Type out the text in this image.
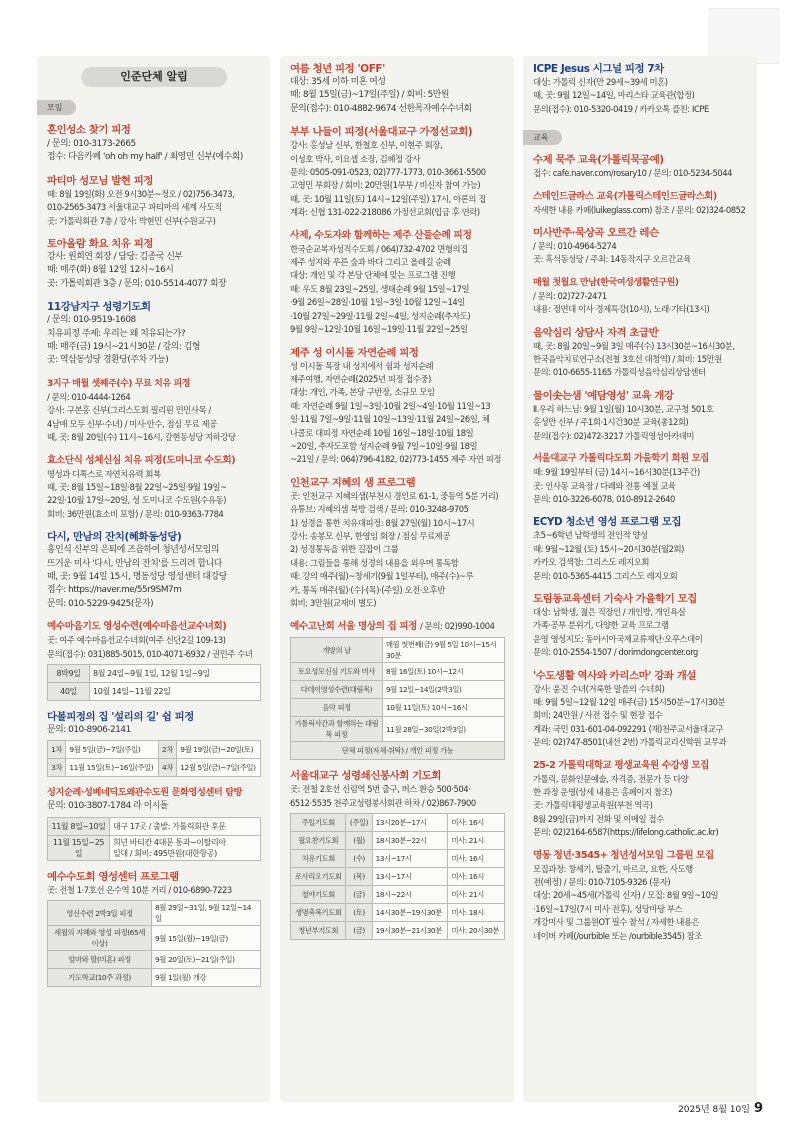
인준단체 알림
모임
혼인성소 찾기 피정
/ 문의: 010-3173-2665
접수: 다음카페 'oh oh my half' / 최영민 신부(예수회)
파티마 성모님 발현 피정
때: 8월 19일(화) 오전 9시30분~정오 / 02)756-3473,
010-2565-3473 서울대교구 파티마의 세계 사도직
곳: 가톨릭회관 7층 / 강사: 박현민 신부(수원교구)
토아올람 화요 치유 피정
강사: 원희연 회장 / 담당: 김종국 신부
때: 매주(화) 8월 12일 12시~16시
곳: 가톨릭회관 3층 / 문의: 010-5514-4077 회장
11강남지구 성령기도회
/ 문의: 010-9519-1608
치유피정 주제: 우리는 왜 치유되는가?
때: 매주(금) 19시~21시30분 / 강의: 김형
곳: 역삼동성당 경환당(주차 가능)
3지구 매월 셋째주(수) 무료 치유 피정
/ 문의: 010-4444-1264
강사: 구본홍 신부(그리스도회 필리핀 민민사목 /
4남매 모두 신부·수녀) / 미사·안수, 점심 무료 제공
때, 곳: 8월 20일(수) 11시~16시, 갈현동성당 지하강당
효소단식 성체신심 치유 피정(도미니코 수도회)
영성과 디톡스로 자연치유력 회복
때, 곳: 8월 15일~18일·8월 22일~25일·9월 19일~
22일·10월 17일~20일, 성 도미니코 수도원(수유동)
회비: 36만원(효소비 포함) / 문의: 010-9363-7784
다시, 만남의 잔치(혜화동성당)
홍인식 신부의 은퇴에 즈음하여 청년성서모임의
뜨거운 미사 '다시, 만남의 잔치'를 드리려 합니다
때, 곳: 9월 14일 15시, 명동성당 영성센터 대강당
접수: https://naver.me/55r9SM7m
문의: 010-5229-9425(문자)
예수마음기도 영성수련(예수마음선교수녀회)
곳: 여주 예수마음선교수녀회(여주 신단2길 109-13)
문의(접수): 031)885-5015, 010-4071-6932 / 권민주 수녀
8박9일	8월 24일~9월 1일, 12월 1일~9일
40일	10월 14일~11월 22일
다볼피정의 집 '설리의 길' 쉼 피정
문의: 010-8906-2141
1차	9월 5일(금)~7일(주일)	2차	9월 19일(금)~20일(토)
3차	11월 15일(토)~16일(주일)	4차	12월 5일(금)~7일(주일)
성지순례·성베네딕도왜관수도원 문화영성센터 탐방
문의: 010-3807-1784 라 이시돌
11월 8일~10일	대구 17곳 / 출발: 가톨릭회관 후문
11월 15일~25일	희년 바티칸 4대문 통과~이탈리아
일대 / 회비: 495만원(대한항공)
예수수도회 영성센터 프로그램
곳: 전철 1·7호선 온수역 10분 거리 / 010-6890-7223
영신수련 2박3일 피정	8월 29일~31일, 9월 12일~14일
세월의 지혜와 영성 피정(65세 이상)	9월 15일(월)~19일(금)
엄마와 딸(미혼) 피정	9월 20일(토)~21일(주일)
기도학교(10주 과정)	9월 1일(월) 개강
여름 청년 피정 'OFF'
대상: 35세 이하 미혼 여성
때: 8월 15일(금)~17일(주일) / 회비: 5만원
문의(접수): 010-4882-9674 선한목자예수수녀회
부부 나들이 피정(서울대교구 가정선교회)
강사: 홍성남 신부, 한철호 신부, 이현주 회장,
이성호 박사, 이요셉 소장, 김혜정 강사
문의: 0505-091-0523, 02)777-1773, 010-3661-5500
고영민 부회장 / 회비: 20만원(1부부 / 비신자 참여 가능)
때, 곳: 10월 11일(토) 14시~12일(주일) 17시, 아론의 집
계좌: 신협 131-022-218086 가정선교회(입금 후 연락)
사제, 수도자와 함께하는 제주 산들순례 피정
한국순교복자성직수도회 / 064)732-4702 면형의집
제주 성지와 푸른 숲과 바다 그리고 올레길 순례
대상: 개인 및 각 본당 단체에 맞는 프로그램 진행
때: 우도 8월 23일~25일, 생태순례 9월 15일~17일
·9월 26일~28일·10월 1일~3일·10월 12일~14일
·10월 27일~29일·11월 2일~4일, 성지순례(추자도)
9월 9일~12일·10월 16일~19일·11월 22일~25일
제주 성 이시돌 자연순례 피정
성 이시돌 목장 내 성지에서 쉼과 성지순례
제주여행, 자연순례(2025년 피정 접수중)
대상: 개인, 가족, 본당 구반장, 소규모 모임
때: 자연순례 9월 1일~3일·10월 2일~4일·10월 11일~13
일·11월 7일~9일·11월 10일~13일·11월 24일~26일, 체
나콜로 대피정 자연순례 10월 16일~18일·10월 18일
~20일, 추자도포함 성지순례 9월 7일~10일·9월 18일
~21일 / 문의: 064)796-4182, 02)773-1455 제주 자연 피정
인천교구 지혜의 샘 프로그램
곳: 인천교구 지혜의샘(부천시 경인로 61-1, 중동역 5분 거리)
유튜브: 지혜의샘 북방 검색 / 문의: 010-3248-9705
1) 성경을 통한 치유대피정: 8월 27일(월) 10시~17시
강사: 송봉모 신부, 한영임 회장 / 점심 무료제공
2) 성경통독을 위한 길잡이 그룹
내용: 그림들을 통해 성경의 내용을 외우며 통독함
때: 강의 매주(월)~창세기(9월 1일부터), 매주(수)~루
카, 통독 매주(월)·(수)·(목)·(주일) 오전·오후반
회비: 3만원(교재비 별도)
예수고난회 서울 명상의 집 피정 / 문의: 02)990-1004
개방의 날	매월 첫번째(금) 9월 5일 10시~15시30분
토요성모신심 기도와 미사	8월 16일(토) 10시~12시
다데이영성수련(대림목)	9월 12일~14일(2박3일)
음악 피정	10월 11일(토) 10시~16시
가톨릭사간과 함께하는 대림목 피정	11월 28일~30일(2박3일)
단체 피정(자체·위탁) / 개인 피정 가능	
서울대교구 성령쇄신봉사회 기도회
곳: 전철 2호선 신림역 5번 출구, 버스 환승 500·504·
6512·5535 천주교성령봉사회관 하차 / 02)867-7900
주일기도회	(주일)	13시20분~17시	미사: 16시
월요찬기도회	(월)	18시30분~22시	미사: 21시
치유기도회	(수)	13시~17시	미사: 16시
로사리오기도회	(목)	13시~17시	미사: 16시
철야기도회	(금)	18시~22시	미사: 21시
생명축복기도회	(토)	14시30분~19시30분	미사: 18시
청년부기도회	(금)	19시30분~21시30분	미사: 20시30분
ICPE Jesus 시그널 피정 7차
대상: 가톨릭 신자(만 29세~39세 미혼)
때, 곳: 9월 12일~14일, 마리스타 교육관(합정)
문의(접수): 010-5320-0419 / 카카오톡 플친: ICPE
교육
수제 묵주 교육(가톨릭묵공예)
접수: cafe.naver.com/rosary10 / 문의: 010-5234-5044
스테인드글라스 교육(가톨릭스테인드글라스회)
자세한 내용 카페(luikeglass.com) 참조 / 문의: 02)324-0852
미사반주·묵상곡 오르간 레슨
/ 문의: 010-4964-5274
곳: 흑석동성당 / 주최: 14동작지구 오르간교육
매월 첫월요 만남(한국여성생활연구원)
/ 문의: 02)727-2471
내용: 정연대 이사 경제특강(10시), 노래·기타(13시)
음악심리 상담사 자격 초급반
때, 곳: 8월 20일~9월 3일 매주(수) 13시30분~16시30분,
한국음악치료연구소(전철 3호선 대청역) / 회비: 15만원
문의: 010-6655-1165 가톨릭성음악심리상담센터
물이솟는샘 '예담영성' 교육 개강
Ⅱ.우리 하느님: 9월 1일(월) 10시30분, 교구청 501호
홍성만 신부 / 주1회·1시간30분 교육(총12회)
문의(접수): 02)472-3217 가톨릭영성아카데미
서울대교구 가톨릭다도회 가을학기 회원 모집
때: 9월 19일부터 (금) 14시~16시30분(13주간)
곳: 인사동 교육장 / 다례와 전통 예절 교육
문의: 010-3226-6078, 010-8912-2640
ECYD 청소년 영성 프로그램 모집
초5~6학년 남학생의 전인적 양성
때: 9월~12월 (토) 15시~20시30분(월2회)
카카오 검색창: 그리스도 레지오회
문의: 010-5365-4415 그리스도 레지오회
도림동교육센터 기숙사 가을학기 모집
대상: 남학생, 젊은 직장인 / 개인방, 개인욕실
가족·공부 분위기, 다양한 교육 프로그램
운영 영성지도: 동아시아국제교류재단·오푸스데이
문의: 010-2554-1507 / dorimdongcenter.org
'수도생활 역사와 카리스마' 강좌 개설
강사: 윤진 수녀(거룩한 말씀의 수녀회)
때: 9월 5일~12월 12일 매주(금) 15시50분~17시30분
회비: 24만원 / 사전 접수 및 현장 접수
계좌: 국민 031-601-04-092291 (재)천주교서울대교구
문의: 02)747-8501(내선 2번) 가톨릭교리신학원 교무과
25-2 가톨릭대학교 평생교육원 수강생 모집
가톨릭, 문화인문예술, 자격증, 전문가 등 다양
한 과정 운영(상세 내용은 홈페이지 참조)
곳: 가톨릭대평생교육원(부천 역곡)
8월 29일(금)까지 전화 및 이메일 접수
문의: 02)2164-6587(https://lifelong.catholic.ac.kr)
명동 청년·3545+ 청년성서모임 그룹원 모집
모집과정: 창세기, 탈출기, 마르코, 요한, 사도행
전(예정) / 문의: 010-7105-9326 (문자)
대상: 20세~45세(가톨릭 신자) / 모집: 8월 9일~10일
·16일~17일(7시 미사 전후), 성당마당 부스
개강미사 및 그룹원OT 필수 참석 / 자세한 내용은
네이버 카페(/ourbible 또는 /ourbible3545) 참조
2025년 8월 10일 9
